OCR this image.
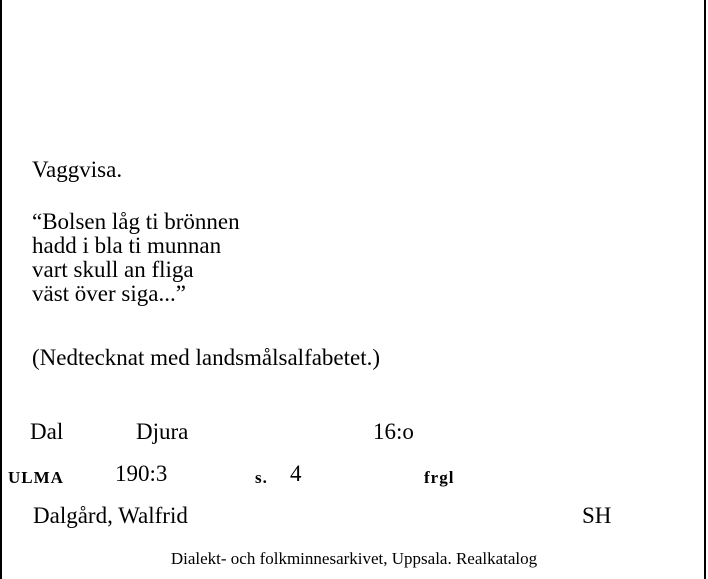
Vaggvisa.
“Bolsen låg ti brönnen
hadd i bla ti munnan
vart skull an fliga
väst över siga...”
(Nedtecknat med landsmålsalfabetet.)
Dal	Djura	16:o
ULMA 190:3	s. 4	frgl
Dalgård, Walfrid	SH
Dialekt- och folkminnesarkivet, Uppsala. Realkatalog
